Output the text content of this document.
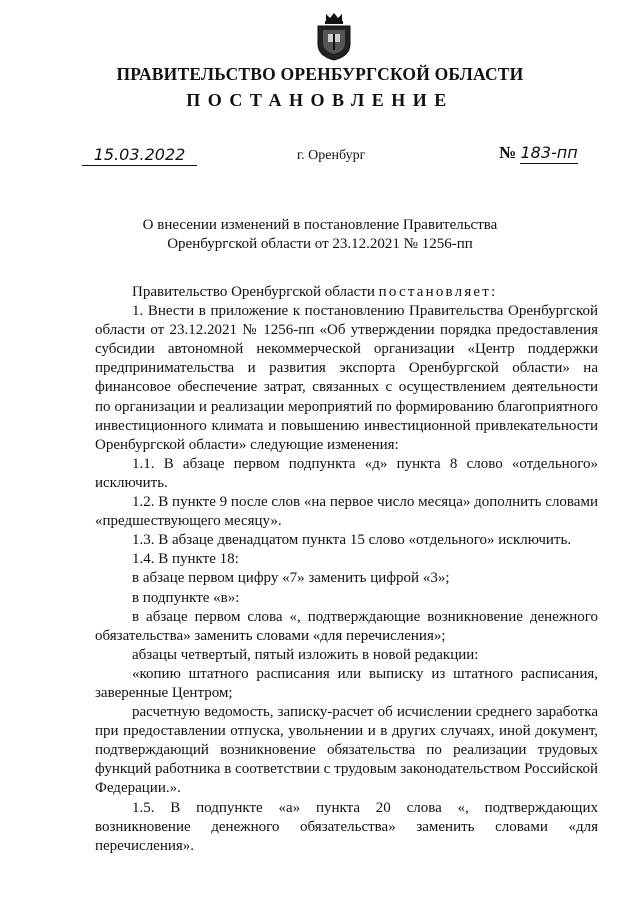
ПРАВИТЕЛЬСТВО ОРЕНБУРГСКОЙ ОБЛАСТИ
ПОСТАНОВЛЕНИЕ
15.03.2022	г. Оренбург	№ 183-пп
О внесении изменений в постановление Правительства
Оренбургской области от 23.12.2021 № 1256-пп

Правительство Оренбургской области постановляет:

1. Внести в приложение к постановлению Правительства Оренбургской области от 23.12.2021 № 1256-пп «Об утверждении порядка предоставления субсидии автономной некоммерческой организации «Центр поддержки предпринимательства и развития экспорта Оренбургской области» на финансовое обеспечение затрат, связанных с осуществлением деятельности по организации и реализации мероприятий по формированию благоприятного инвестиционного климата и повышению инвестиционной привлекательности Оренбургской области» следующие изменения:

1.1. В абзаце первом подпункта «д» пункта 8 слово «отдельного» исключить.

1.2. В пункте 9 после слов «на первое число месяца» дополнить словами «предшествующего месяцу».

1.3. В абзаце двенадцатом пункта 15 слово «отдельного» исключить.

1.4. В пункте 18:

в абзаце первом цифру «7» заменить цифрой «3»;

в подпункте «в»:

в абзаце первом слова «, подтверждающие возникновение денежного обязательства» заменить словами «для перечисления»;

абзацы четвертый, пятый изложить в новой редакции:

«копию штатного расписания или выписку из штатного расписания, заверенные Центром;

расчетную ведомость, записку-расчет об исчислении среднего заработка при предоставлении отпуска, увольнении и в других случаях, иной документ, подтверждающий возникновение обязательства по реализации трудовых функций работника в соответствии с трудовым законодательством Российской Федерации.».

1.5. В подпункте «а» пункта 20 слова «, подтверждающих возникновение денежного обязательства» заменить словами «для перечисления».
